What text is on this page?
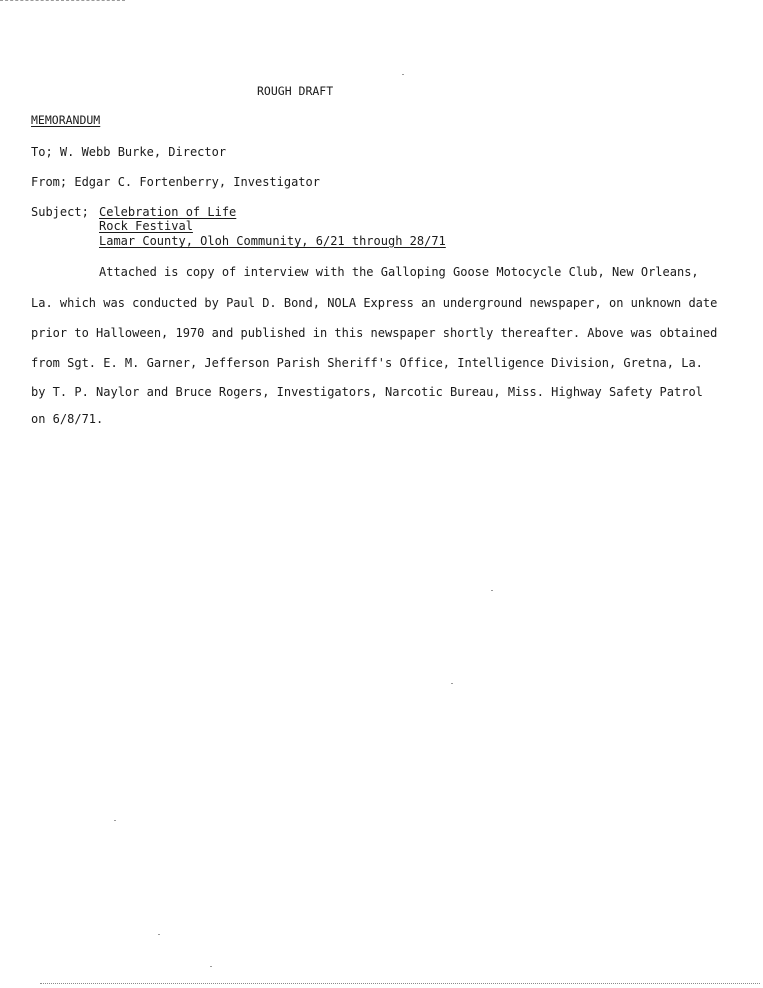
ROUGH DRAFT
MEMORANDUM
To; W. Webb Burke, Director
From; Edgar C. Fortenberry, Investigator
Subject; Celebration of Life
Rock Festival
Lamar County, Oloh Community, 6/21 through 28/71
Attached is copy of interview with the Galloping Goose Motocycle Club, New Orleans,
La. which was conducted by Paul D. Bond, NOLA Express an underground newspaper, on unknown date
prior to Halloween, 1970 and published in this newspaper shortly thereafter. Above was obtained
from Sgt. E. M. Garner, Jefferson Parish Sheriff's Office, Intelligence Division, Gretna, La.
by T. P. Naylor and Bruce Rogers, Investigators, Narcotic Bureau, Miss. Highway Safety Patrol
on 6/8/71.
